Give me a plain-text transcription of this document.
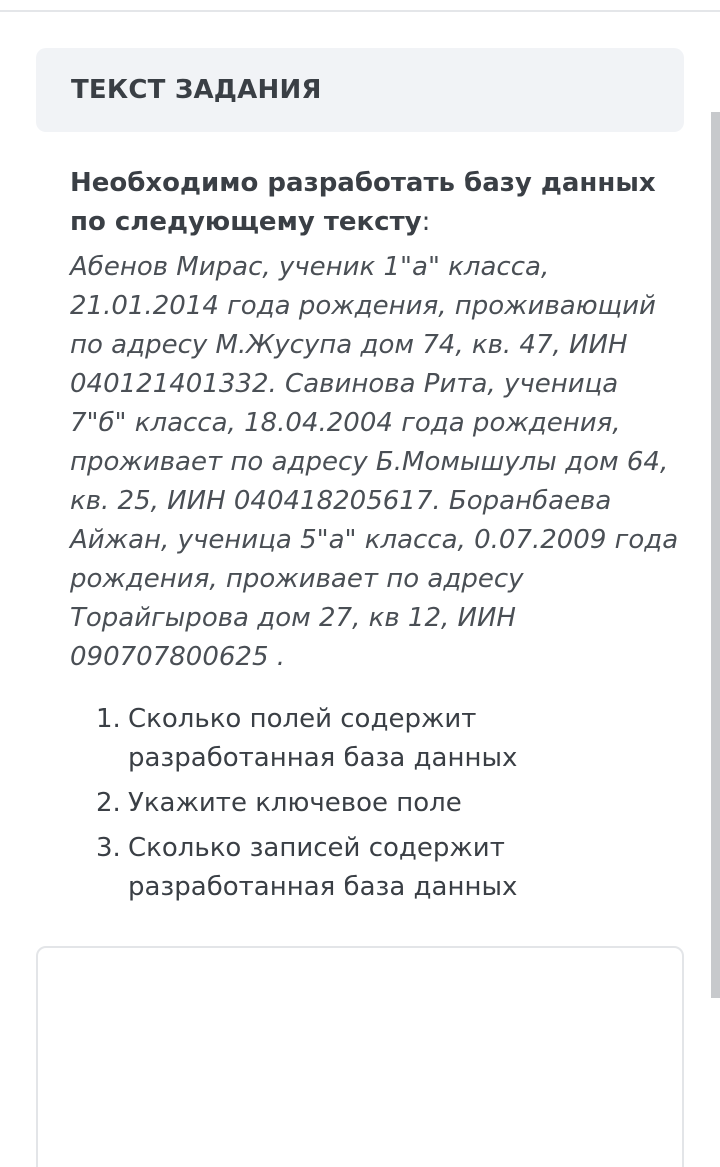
ТЕКСТ ЗАДАНИЯ

Необходимо разработать базу данных по следующему тексту:

Абенов Мирас, ученик 1"а" класса, 21.01.2014 года рождения, проживающий по адресу М.Жусупа дом 74, кв. 47, ИИН 040121401332. Савинова Рита, ученица 7"б" класса, 18.04.2004 года рождения, проживает по адресу Б.Момышулы дом 64, кв. 25, ИИН 040418205617. Боранбаева Айжан, ученица 5"а" класса, 0.07.2009 года рождения, проживает по адресу Торайгырова дом 27, кв 12, ИИН 090707800625 .

1. Сколько полей содержит разработанная база данных
2. Укажите ключевое поле
3. Сколько записей содержит разработанная база данных
